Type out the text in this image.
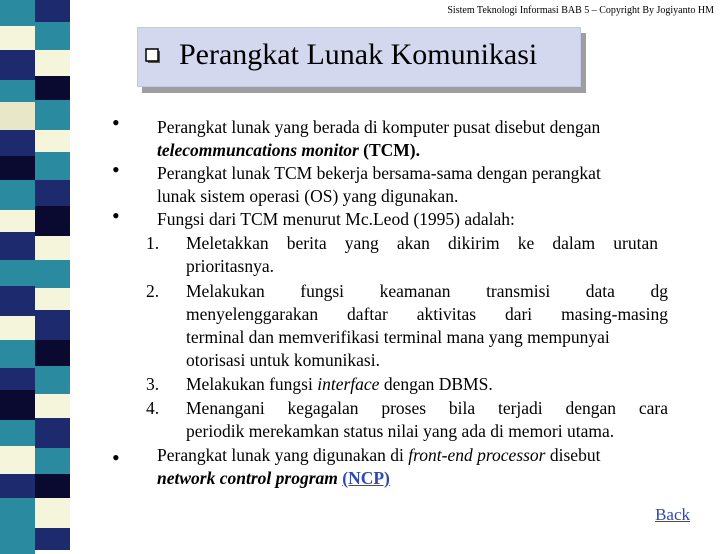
Sistem Teknologi Informasi BAB 5 – Copyright By Jogiyanto HM
Perangkat Lunak Komunikasi
•
•
•
•
Perangkat lunak yang berada di komputer pusat disebut dengan
telecommuncations monitor (TCM).
Perangkat lunak TCM bekerja bersama-sama dengan perangkat
lunak sistem operasi (OS) yang digunakan.
Fungsi dari TCM menurut Mc.Leod (1995) adalah:
1. Meletakkan berita yang akan dikirim ke dalam urutan
prioritasnya.
2. Melakukan fungsi keamanan transmisi data dg
menyelenggarakan daftar aktivitas dari masing-masing
terminal dan memverifikasi terminal mana yang mempunyai
otorisasi untuk komunikasi.
3. Melakukan fungsi interface dengan DBMS.
4. Menangani kegagalan proses bila terjadi dengan cara
periodik merekamkan status nilai yang ada di memori utama.
Perangkat lunak yang digunakan di front-end processor disebut
network control program (NCP)
Back
